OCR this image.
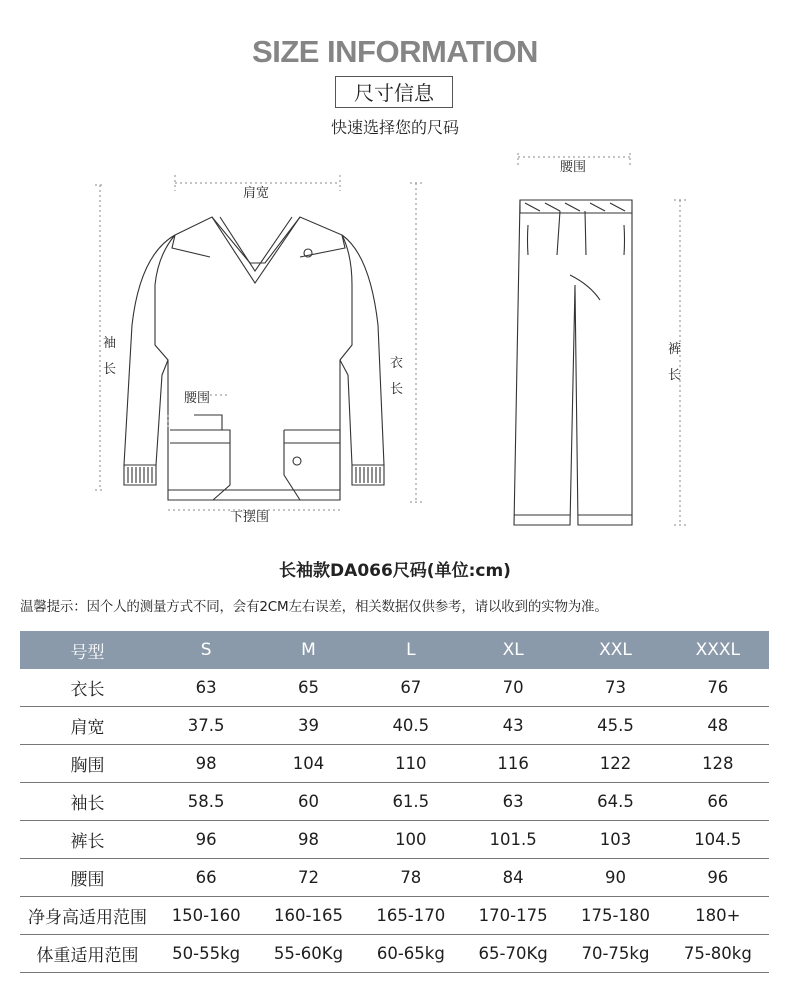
SIZE INFORMATION
尺寸信息
快速选择您的尺码
肩宽
衣长
袖长
腰围
下摆围
腰围
裤长
长袖款DA066尺码(单位:cm)
温馨提示：因个人的测量方式不同，会有2CM左右误差，相关数据仅供参考，请以收到的实物为准。
号型	S	M	L	XL	XXL	XXXL
衣长	63	65	67	70	73	76
肩宽	37.5	39	40.5	43	45.5	48
胸围	98	104	110	116	122	128
袖长	58.5	60	61.5	63	64.5	66
裤长	96	98	100	101.5	103	104.5
腰围	66	72	78	84	90	96
净身高适用范围	150-160	160-165	165-170	170-175	175-180	180+
体重适用范围	50-55kg	55-60Kg	60-65kg	65-70Kg	70-75kg	75-80kg
